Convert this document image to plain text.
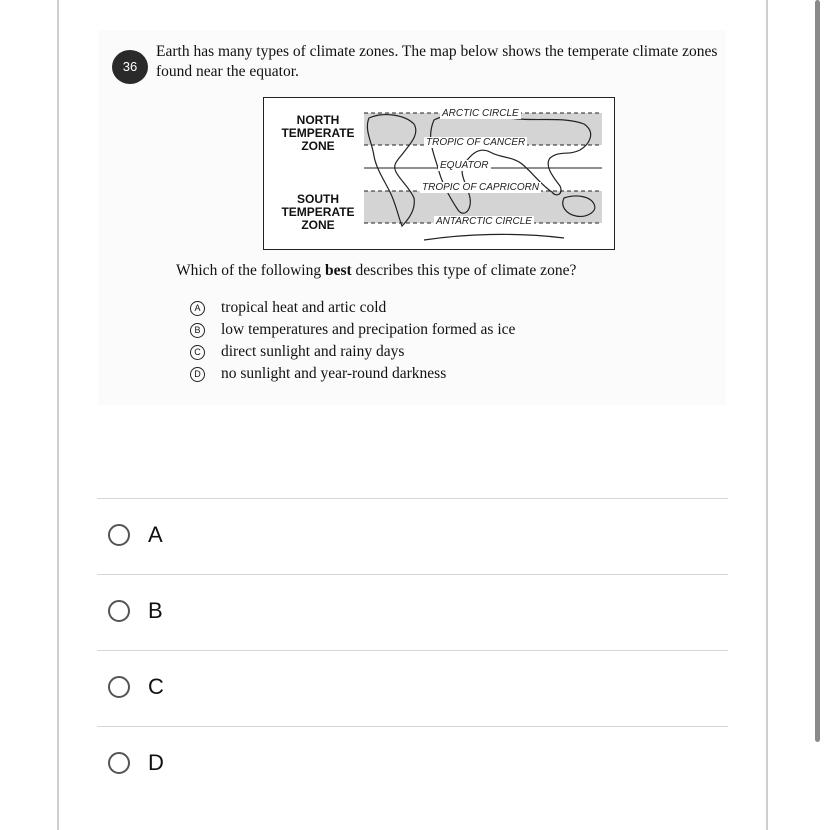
36
Earth has many types of climate zones. The map below shows the temperate climate zones found near the equator.
NORTH
TEMPERATE
ZONE
SOUTH
TEMPERATE
ZONE
ARCTIC CIRCLE
TROPIC OF CANCER
EQUATOR
TROPIC OF CAPRICORN
ANTARCTIC CIRCLE
Which of the following best describes this type of climate zone?
A tropical heat and artic cold
B low temperatures and precipation formed as ice
C direct sunlight and rainy days
D no sunlight and year-round darkness
A
B
C
D
